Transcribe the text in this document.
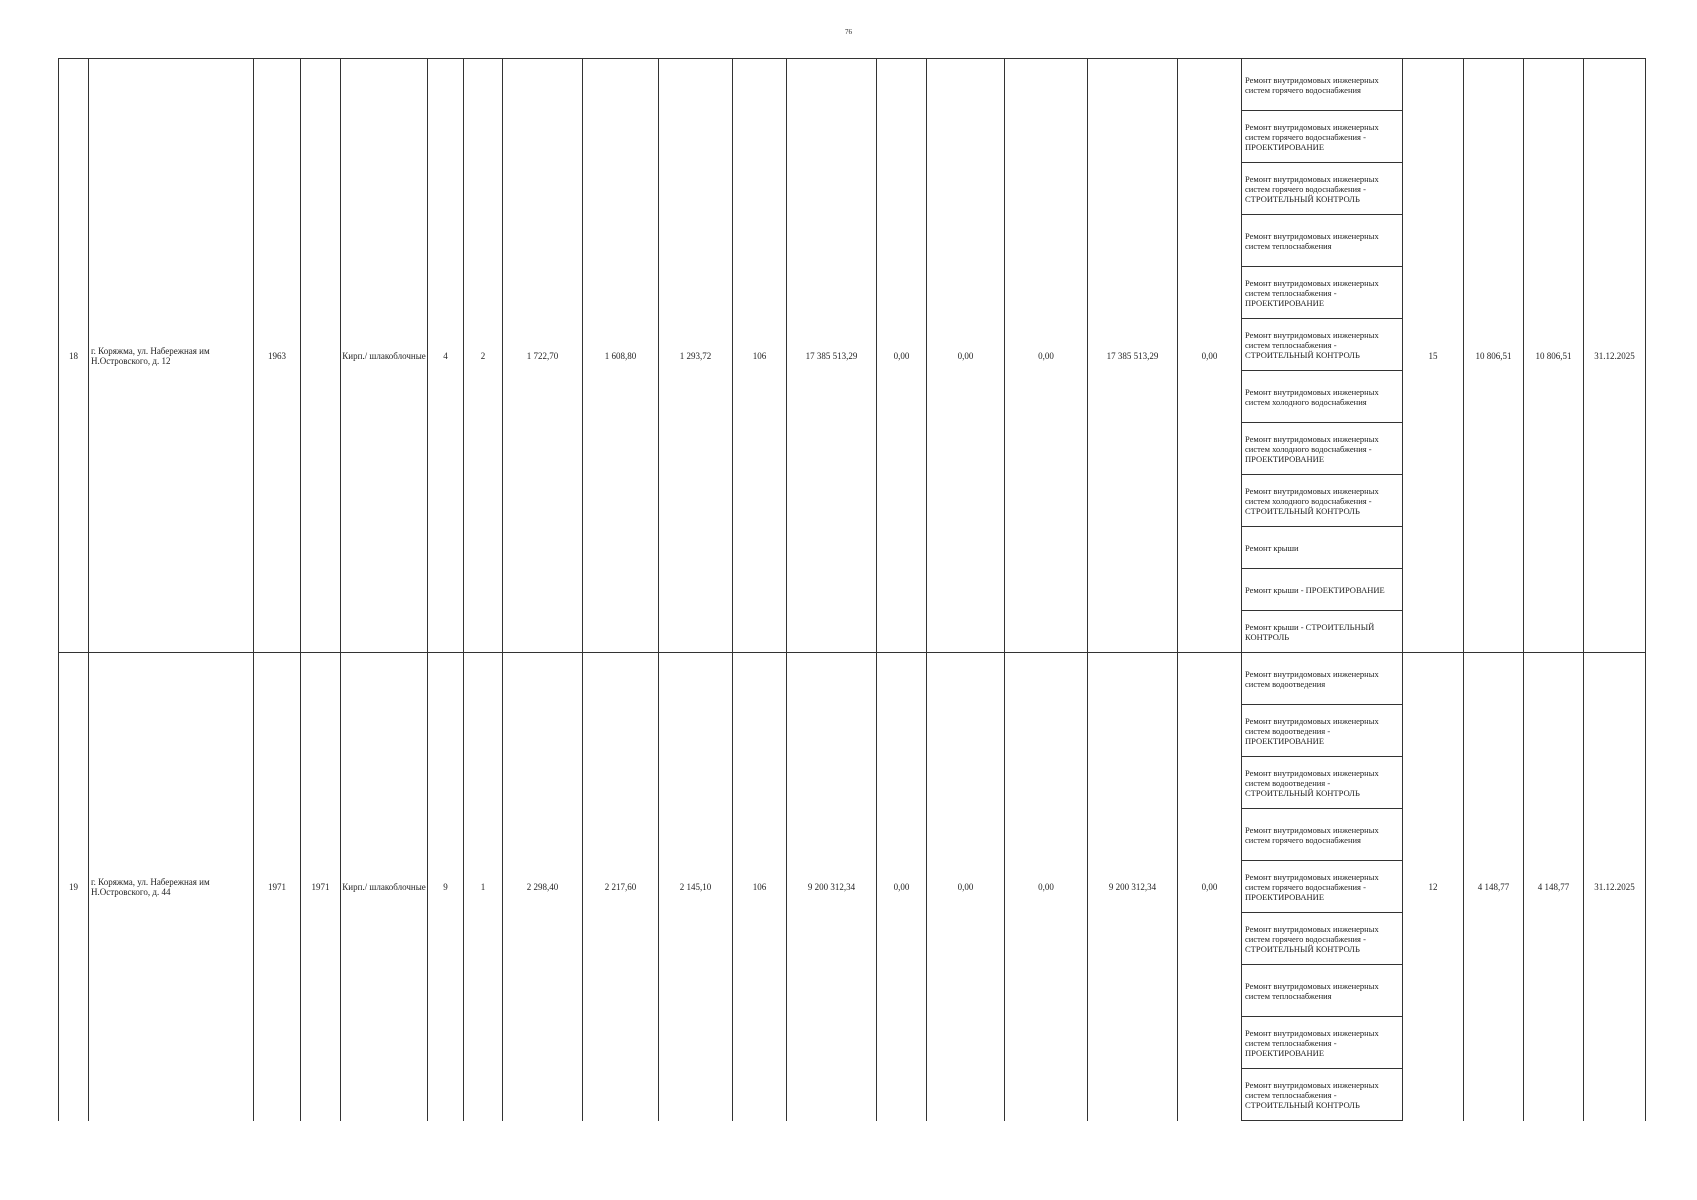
76
18	г. Коряжма, ул. Набережная им Н.Островского, д. 12	1963		Кирп./ шлакоблочные	4	2	1 722,70	1 608,80	1 293,72	106	17 385 513,29	0,00	0,00	0,00	17 385 513,29	0,00	Ремонт внутридомовых инженерных систем горячего водоснабжения	15	10 806,51	10 806,51	31.12.2025
																	Ремонт внутридомовых инженерных систем горячего водоснабжения - ПРОЕКТИРОВАНИЕ				
																	Ремонт внутридомовых инженерных систем горячего водоснабжения - СТРОИТЕЛЬНЫЙ КОНТРОЛЬ				
																	Ремонт внутридомовых инженерных систем теплоснабжения				
																	Ремонт внутридомовых инженерных систем теплоснабжения - ПРОЕКТИРОВАНИЕ				
																	Ремонт внутридомовых инженерных систем теплоснабжения - СТРОИТЕЛЬНЫЙ КОНТРОЛЬ				
																	Ремонт внутридомовых инженерных систем холодного водоснабжения				
																	Ремонт внутридомовых инженерных систем холодного водоснабжения - ПРОЕКТИРОВАНИЕ				
																	Ремонт внутридомовых инженерных систем холодного водоснабжения - СТРОИТЕЛЬНЫЙ КОНТРОЛЬ				
																	Ремонт крыши				
																	Ремонт крыши - ПРОЕКТИРОВАНИЕ				
																	Ремонт крыши - СТРОИТЕЛЬНЫЙ КОНТРОЛЬ				
19	г. Коряжма, ул. Набережная им Н.Островского, д. 44	1971	1971	Кирп./ шлакоблочные	9	1	2 298,40	2 217,60	2 145,10	106	9 200 312,34	0,00	0,00	0,00	9 200 312,34	0,00	Ремонт внутридомовых инженерных систем водоотведения	12	4 148,77	4 148,77	31.12.2025
																	Ремонт внутридомовых инженерных систем водоотведения - ПРОЕКТИРОВАНИЕ				
																	Ремонт внутридомовых инженерных систем водоотведения - СТРОИТЕЛЬНЫЙ КОНТРОЛЬ				
																	Ремонт внутридомовых инженерных систем горячего водоснабжения				
																	Ремонт внутридомовых инженерных систем горячего водоснабжения - ПРОЕКТИРОВАНИЕ				
																	Ремонт внутридомовых инженерных систем горячего водоснабжения - СТРОИТЕЛЬНЫЙ КОНТРОЛЬ				
																	Ремонт внутридомовых инженерных систем теплоснабжения				
																	Ремонт внутридомовых инженерных систем теплоснабжения - ПРОЕКТИРОВАНИЕ				
																	Ремонт внутридомовых инженерных систем теплоснабжения - СТРОИТЕЛЬНЫЙ КОНТРОЛЬ				
